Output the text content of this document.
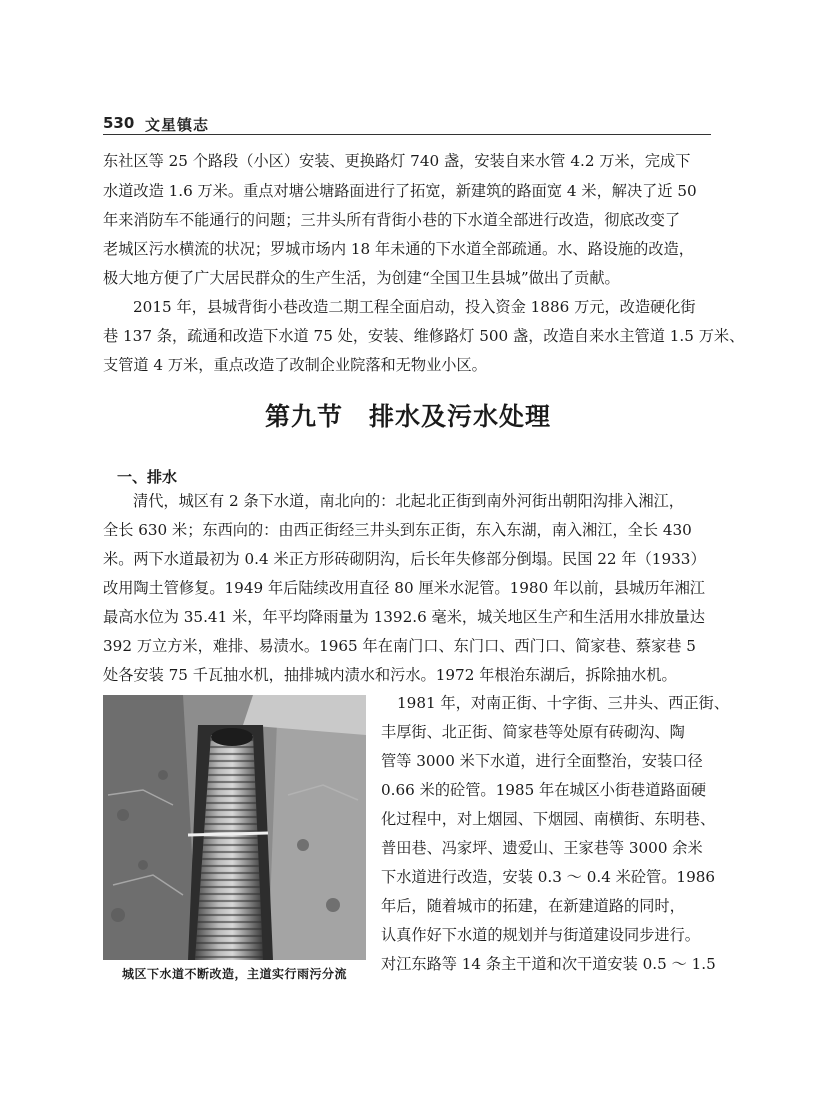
530 文星镇志
东社区等 25 个路段（小区）安装、更换路灯 740 盏，安装自来水管 4.2 万米，完成下
水道改造 1.6 万米。重点对塘公塘路面进行了拓宽，新建筑的路面宽 4 米，解决了近 50
年来消防车不能通行的问题；三井头所有背街小巷的下水道全部进行改造，彻底改变了
老城区污水横流的状况；罗城市场内 18 年未通的下水道全部疏通。水、路设施的改造，
极大地方便了广大居民群众的生产生活，为创建“全国卫生县城”做出了贡献。
2015 年，县城背街小巷改造二期工程全面启动，投入资金 1886 万元，改造硬化街
巷 137 条，疏通和改造下水道 75 处，安装、维修路灯 500 盏，改造自来水主管道 1.5 万米、
支管道 4 万米，重点改造了改制企业院落和无物业小区。
第九节　排水及污水处理
一、排水
清代，城区有 2 条下水道，南北向的：北起北正街到南外河街出朝阳沟排入湘江，
全长 630 米；东西向的：由西正街经三井头到东正街，东入东湖，南入湘江，全长 430
米。两下水道最初为 0.4 米正方形砖砌阴沟，后长年失修部分倒塌。民国 22 年（1933）
改用陶土管修复。1949 年后陆续改用直径 80 厘米水泥管。1980 年以前，县城历年湘江
最高水位为 35.41 米，年平均降雨量为 1392.6 毫米，城关地区生产和生活用水排放量达
392 万立方米，难排、易渍水。1965 年在南门口、东门口、西门口、简家巷、蔡家巷 5
处各安装 75 千瓦抽水机，抽排城内渍水和污水。1972 年根治东湖后，拆除抽水机。
1981 年，对南正街、十字街、三井头、西正街、
丰厚街、北正街、简家巷等处原有砖砌沟、陶
管等 3000 米下水道，进行全面整治，安装口径
0.66 米的砼管。1985 年在城区小街巷道路面硬
化过程中，对上烟园、下烟园、南横街、东明巷、
普田巷、冯家坪、遗爱山、王家巷等 3000 余米
下水道进行改造，安装 0.3 ～ 0.4 米砼管。1986
年后，随着城市的拓建，在新建道路的同时，
认真作好下水道的规划并与街道建设同步进行。
对江东路等 14 条主干道和次干道安装 0.5 ～ 1.5
城区下水道不断改造，主道实行雨污分流
